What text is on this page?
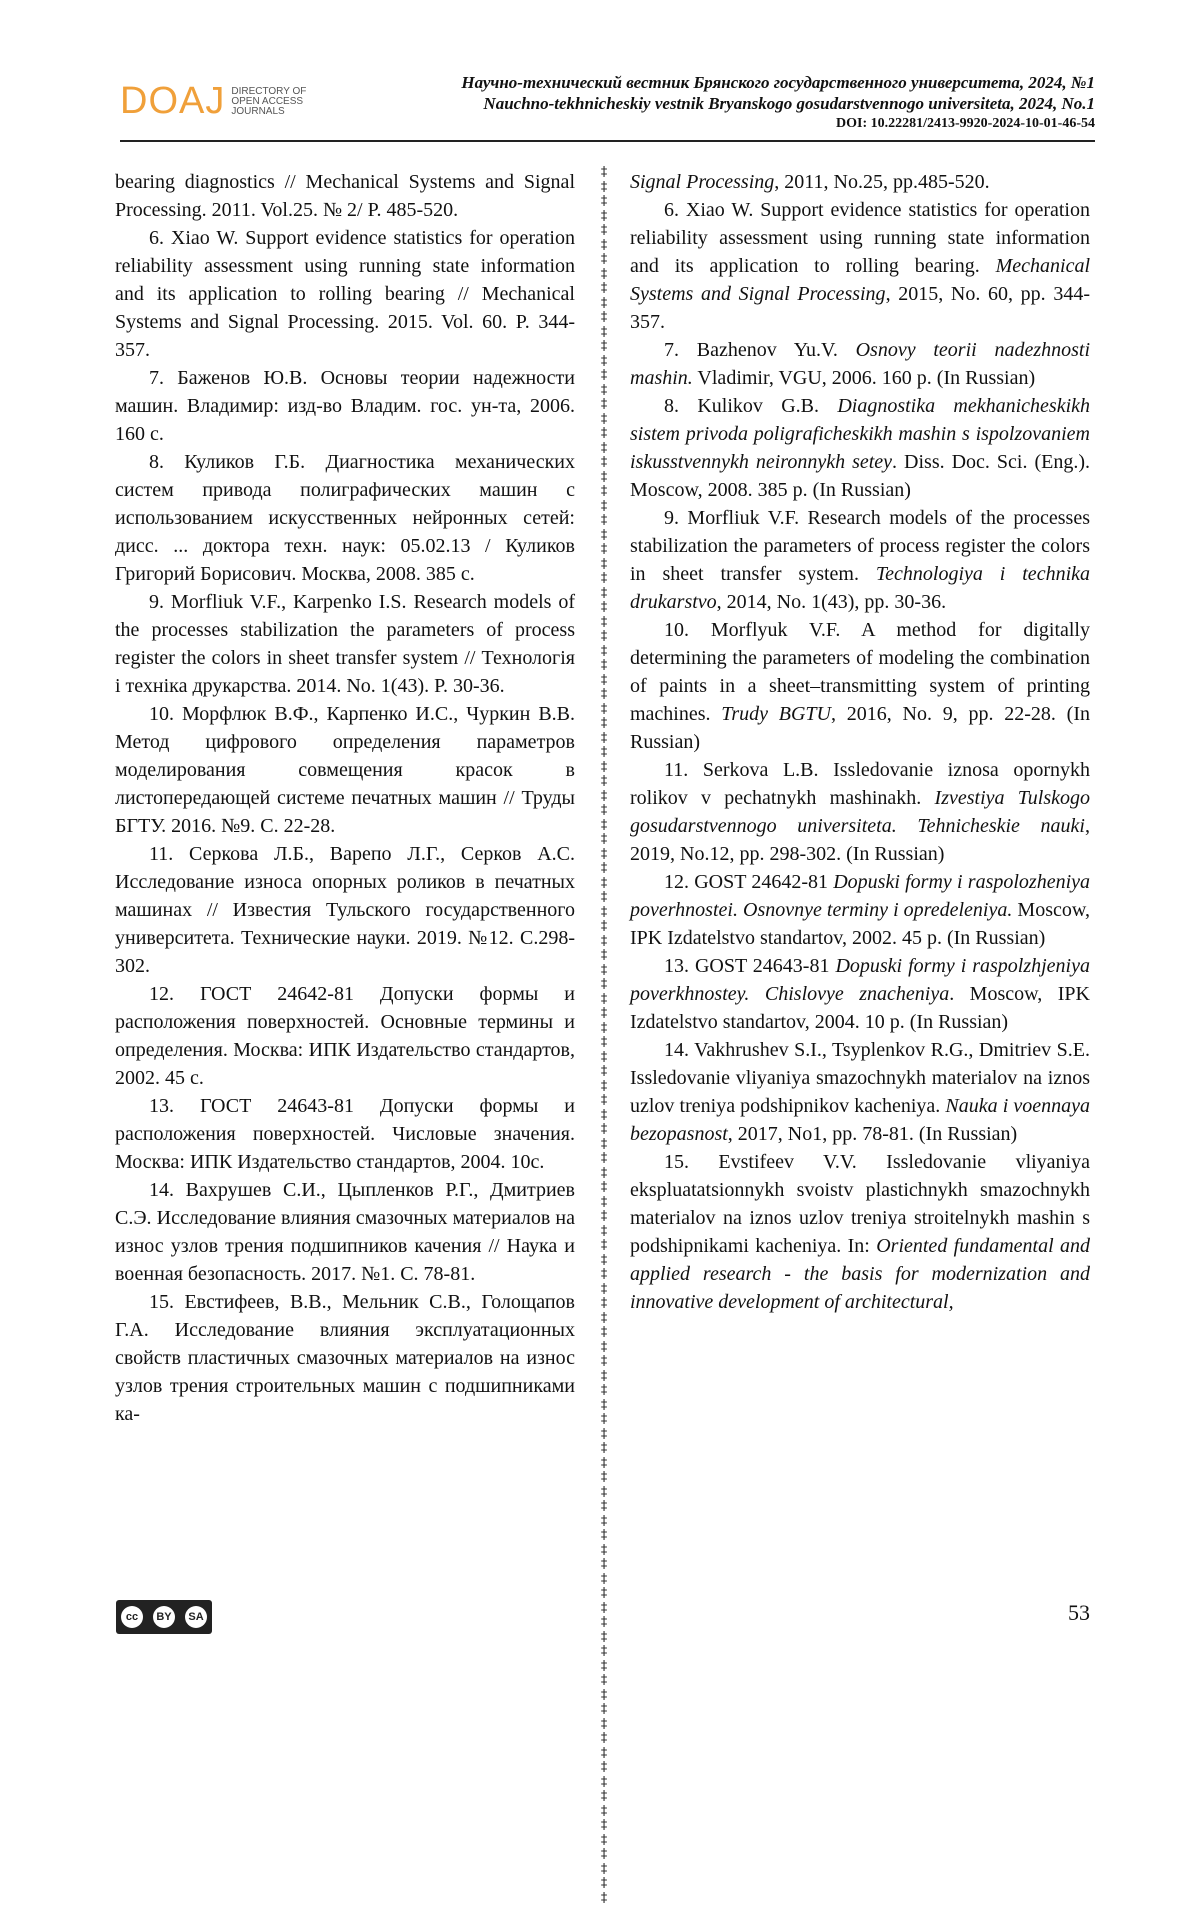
DOAJ DIRECTORY OF
OPEN ACCESS
JOURNALS
Научно-технический вестник Брянского государственного университета, 2024, №1
Nauchno-tekhnicheskiy vestnik Bryanskogo gosudarstvennogo universiteta, 2024, No.1
DOI: 10.22281/2413-9920-2024-10-01-46-54

bearing diagnostics // Mechanical Systems and Signal Processing. 2011. Vol.25. № 2/ P. 485-520.

6. Xiao W. Support evidence statistics for operation reliability assessment using running state information and its application to rolling bearing // Mechanical Systems and Signal Processing. 2015. Vol. 60. P. 344-357.

7. Баженов Ю.В. Основы теории надежности машин. Владимир: изд-во Владим. гос. ун-та, 2006. 160 с.

8. Куликов Г.Б. Диагностика механических систем привода полиграфических машин с использованием искусственных нейронных сетей: дисс. ... доктора техн. наук: 05.02.13 / Куликов Григорий Борисович. Москва, 2008. 385 с.

9. Morfliuk V.F., Karpenko I.S. Research models of the processes stabilization the parameters of process register the colors in sheet transfer system // Технологія і техніка друкарства. 2014. No. 1(43). P. 30-36.

10. Морфлюк В.Ф., Карпенко И.С., Чуркин В.В. Метод цифрового определения параметров моделирования совмещения красок в листопередающей системе печатных машин // Труды БГТУ. 2016. №9. С. 22-28.

11. Серкова Л.Б., Варепо Л.Г., Серков А.С. Исследование износа опорных роликов в печатных машинах // Известия Тульского государственного университета. Технические науки. 2019. №12. С.298-302.

12. ГОСТ 24642-81 Допуски формы и расположения поверхностей. Основные термины и определения. Москва: ИПК Издательство стандартов, 2002. 45 с.

13. ГОСТ 24643-81 Допуски формы и расположения поверхностей. Числовые значения. Москва: ИПК Издательство стандартов, 2004. 10с.

14. Вахрушев С.И., Цыпленков Р.Г., Дмитриев С.Э. Исследование влияния смазочных материалов на износ узлов трения подшипников качения // Наука и военная безопасность. 2017. №1. С. 78-81.

15. Евстифеев, В.В., Мельник С.В., Голощапов Г.А. Исследование влияния эксплуатационных свойств пластичных смазочных материалов на износ узлов трения строительных машин с подшипниками ка-

‡‡‡‡‡‡‡‡‡‡‡‡‡‡‡‡‡‡‡‡‡‡‡‡‡‡‡‡‡‡‡‡‡‡‡‡‡‡‡‡‡‡‡‡‡‡‡‡‡‡‡‡‡‡‡‡‡‡‡‡‡‡‡‡‡‡‡‡‡‡‡‡‡‡‡‡‡‡‡‡‡‡‡‡‡‡‡‡‡‡‡‡‡‡‡‡‡‡‡‡‡‡‡‡‡‡‡‡‡‡‡‡‡‡‡‡‡‡‡‡

Signal Processing, 2011, No.25, pp.485-520.

6. Xiao W. Support evidence statistics for operation reliability assessment using running state information and its application to rolling bearing. Mechanical Systems and Signal Processing, 2015, No. 60, pp. 344-357.

7. Bazhenov Yu.V. Osnovy teorii nadezhnosti mashin. Vladimir, VGU, 2006. 160 p. (In Russian)

8. Kulikov G.B. Diagnostika mekhanicheskikh sistem privoda poligraficheskikh mashin s ispolzovaniem iskusstvennykh neironnykh setey. Diss. Doc. Sci. (Eng.). Moscow, 2008. 385 p. (In Russian)

9. Morfliuk V.F. Research models of the processes stabilization the parameters of process register the colors in sheet transfer system. Technologiya i technika drukarstvo, 2014, No. 1(43), pp. 30-36.

10. Morflyuk V.F. A method for digitally determining the parameters of modeling the combination of paints in a sheet–transmitting system of printing machines. Trudy BGTU, 2016, No. 9, pp. 22-28. (In Russian)

11. Serkova L.B. Issledovanie iznosa opornykh rolikov v pechatnykh mashinakh. Izvestiya Tulskogo gosudarstvennogo universiteta. Tehnicheskie nauki, 2019, No.12, pp. 298-302. (In Russian)

12. GOST 24642-81 Dopuski formy i raspolozheniya poverhnostei. Osnovnye terminy i opredeleniya. Moscow, IPK Izdatelstvo standartov, 2002. 45 p. (In Russian)

13. GOST 24643-81 Dopuski formy i raspolzhjeniya poverkhnostey. Chislovye znacheniya. Moscow, IPK Izdatelstvo standartov, 2004. 10 p. (In Russian)

14. Vakhrushev S.I., Tsyplenkov R.G., Dmitriev S.E. Issledovanie vliyaniya smazochnykh materialov na iznos uzlov treniya podshipnikov kacheniya. Nauka i voennaya bezopasnost, 2017, No1, pp. 78-81. (In Russian)

15. Evstifeev V.V. Issledovanie vliyaniya ekspluatatsionnykh svoistv plastichnykh smazochnykh materialov na iznos uzlov treniya stroitelnykh mashin s podshipnikami kacheniya. In: Oriented fundamental and applied research - the basis for modernization and innovative development of architectural,

cc	BY	SA	53
